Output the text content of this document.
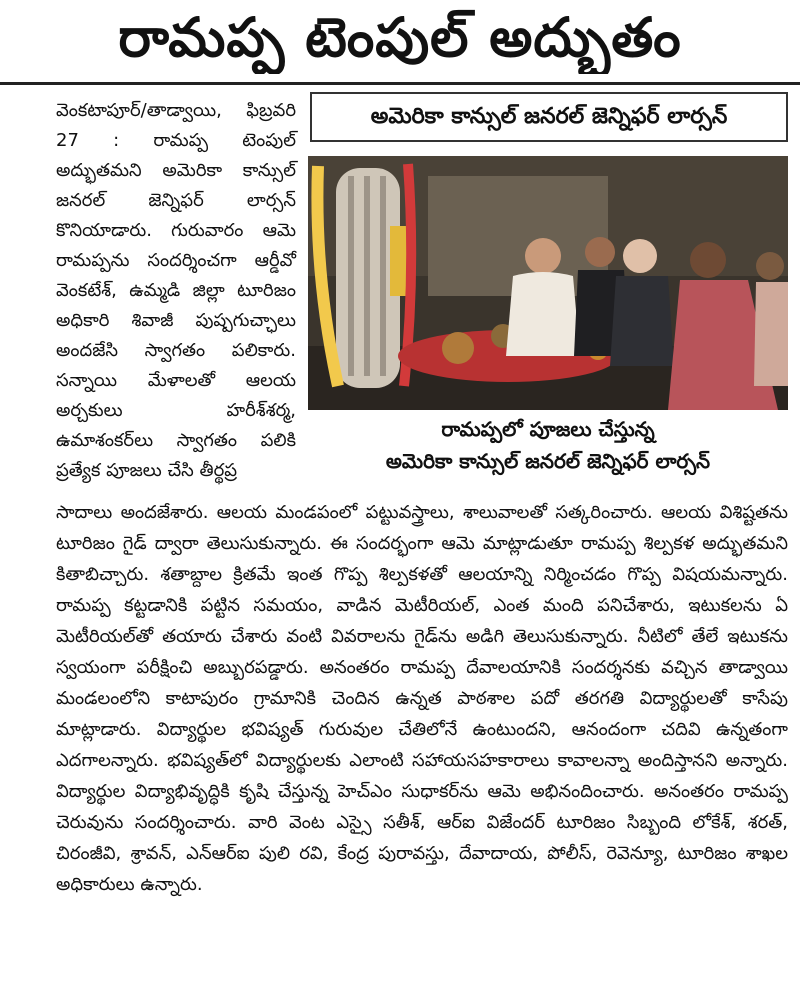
రామప్ప టెంపుల్ అద్భుతం

వెంకటాపూర్/తాడ్వాయి, ఫిబ్రవరి 27 : రామప్ప టెంపుల్ అద్భుతమని అమెరికా కాన్సుల్ జనరల్ జెన్నిఫర్ లార్సన్ కొనియాడారు. గురువారం ఆమె రామప్పను సందర్శించగా ఆర్డీవో వెంకటేశ్, ఉమ్మడి జిల్లా టూరిజం అధికారి శివాజీ పుష్పగుచ్ఛాలు అందజేసి స్వాగతం పలికారు. సన్నాయి మేళాలతో ఆలయ అర్చకులు హరీశ్‌శర్మ, ఉమాశంకర్‌లు స్వాగతం పలికి ప్రత్యేక పూజలు చేసి తీర్థప్ర

అమెరికా కాన్సుల్ జనరల్ జెన్నిఫర్ లార్సన్
రామప్పలో పూజలు చేస్తున్న
అమెరికా కాన్సుల్ జనరల్ జెన్నిఫర్ లార్సన్
సాదాలు అందజేశారు. ఆలయ మండపంలో పట్టువస్త్రాలు, శాలువాలతో సత్కరించారు. ఆలయ విశిష్టతను టూరిజం గైడ్ ద్వారా తెలుసుకున్నారు. ఈ సందర్భంగా ఆమె మాట్లాడుతూ రామప్ప శిల్పకళ అద్భుతమని కితాబిచ్చారు. శతాబ్దాల క్రితమే ఇంత గొప్ప శిల్పకళతో ఆలయాన్ని నిర్మించడం గొప్ప విషయమన్నారు. రామప్ప కట్టడానికి పట్టిన సమయం, వాడిన మెటీరియల్, ఎంత మంది పనిచేశారు, ఇటుకలను ఏ మెటీరియల్‌తో తయారు చేశారు వంటి వివరాలను గైడ్‌ను అడిగి తెలుసుకున్నారు. నీటిలో తేలే ఇటుకను స్వయంగా పరీక్షించి అబ్బురపడ్డారు. అనంతరం రామప్ప దేవాలయానికి సందర్శనకు వచ్చిన తాడ్వాయి మండలంలోని కాటాపురం గ్రామానికి చెందిన ఉన్నత పాఠశాల పదో తరగతి విద్యార్థులతో కాసేపు మాట్లాడారు. విద్యార్థుల భవిష్యత్ గురువుల చేతిలోనే ఉంటుందని, ఆనందంగా చదివి ఉన్నతంగా ఎదగాలన్నారు. భవిష్యత్‌లో విద్యార్థులకు ఎలాంటి సహాయసహకారాలు కావాలన్నా అందిస్తానని అన్నారు. విద్యార్థుల విద్యాభివృద్ధికి కృషి చేస్తున్న హెచ్ఎం సుధాకర్‌ను ఆమె అభినందించారు. అనంతరం రామప్ప చెరువును సందర్శించారు. వారి వెంట ఎస్సై సతీశ్, ఆర్ఐ విజేందర్ టూరిజం సిబ్బంది లోకేశ్, శరత్, చిరంజీవి, శ్రావన్, ఎన్ఆర్ఐ పులి రవి, కేంద్ర పురావస్తు, దేవాదాయ, పోలీస్, రెవెన్యూ, టూరిజం శాఖల అధికారులు ఉన్నారు.
